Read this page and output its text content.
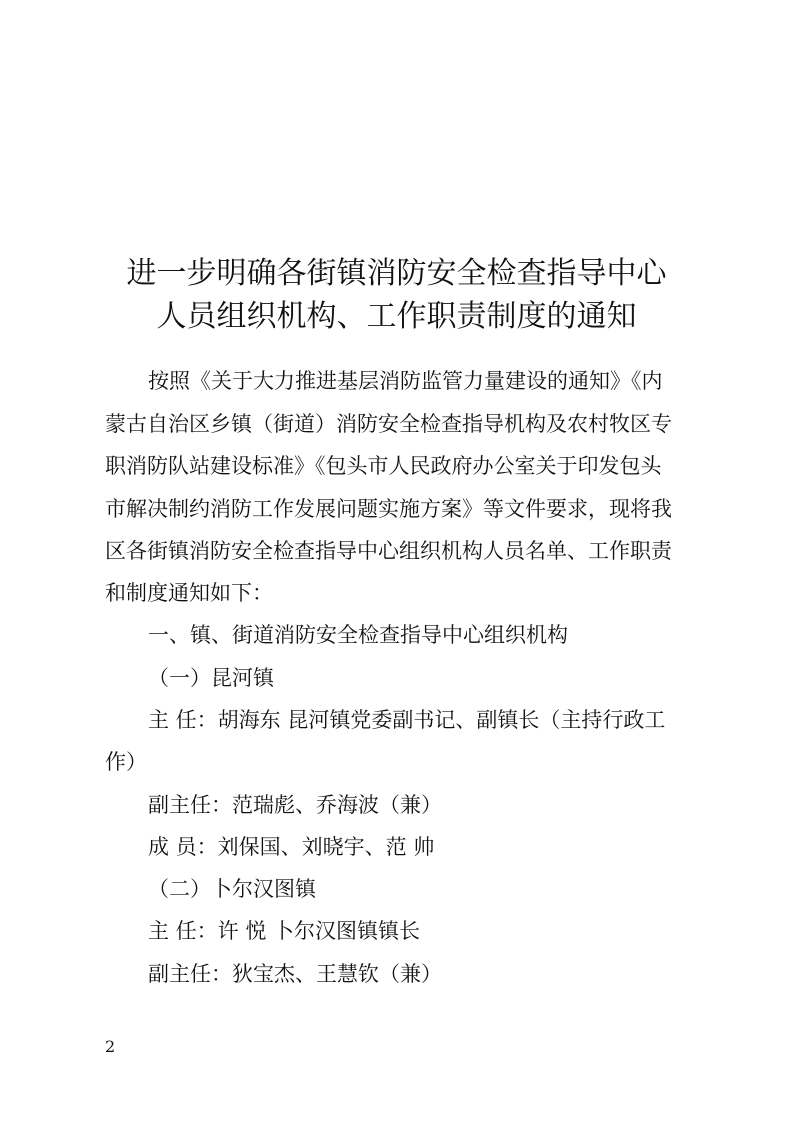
进一步明确各街镇消防安全检查指导中心
人员组织机构、工作职责制度的通知

按照《关于大力推进基层消防监管力量建设的通知》《内

蒙古自治区乡镇（街道）消防安全检查指导机构及农村牧区专

职消防队站建设标准》《包头市人民政府办公室关于印发包头

市解决制约消防工作发展问题实施方案》等文件要求，现将我

区各街镇消防安全检查指导中心组织机构人员名单、工作职责

和制度通知如下：

一、镇、街道消防安全检查指导中心组织机构

（一）昆河镇

主 任：胡海东 昆河镇党委副书记、副镇长（主持行政工

作）

副主任：范瑞彪、乔海波（兼）

成 员：刘保国、刘晓宇、范 帅

（二）卜尔汉图镇

主 任：许 悦 卜尔汉图镇镇长

副主任：狄宝杰、王慧钦（兼）

2
